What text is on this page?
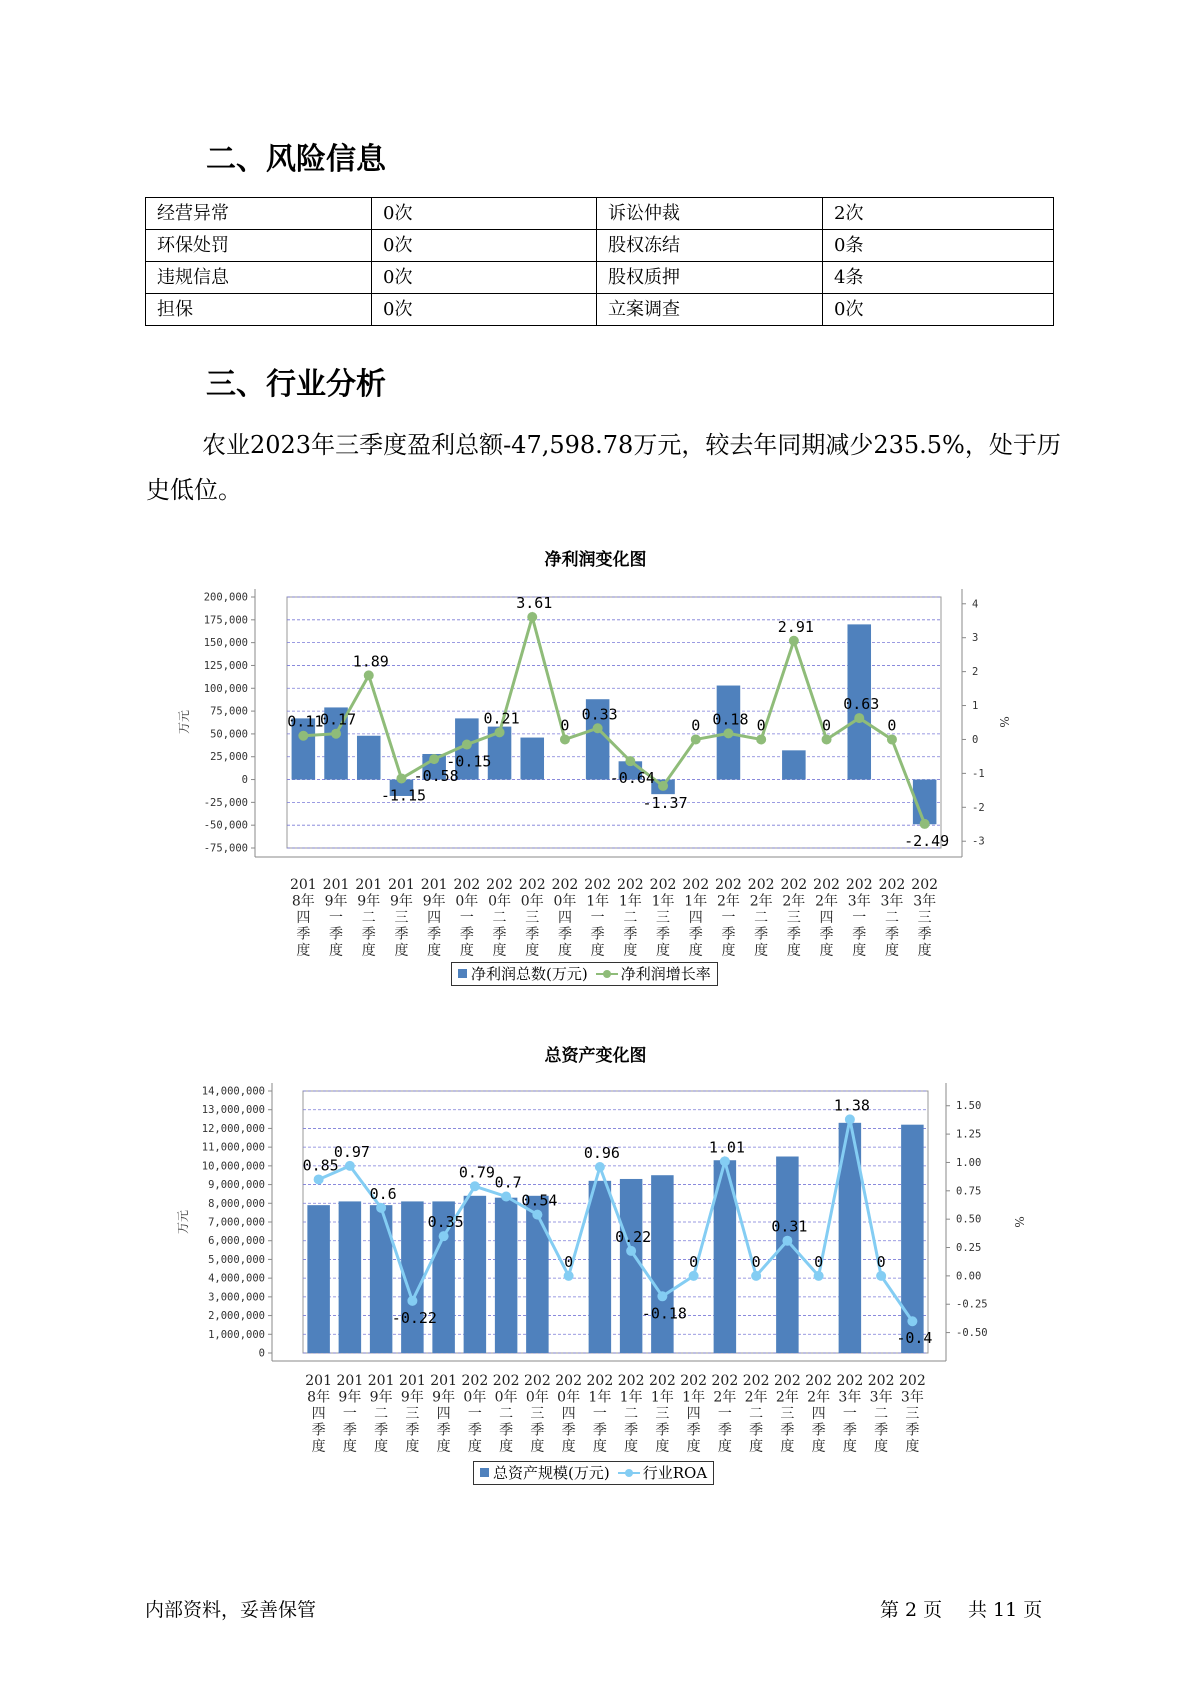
二、风险信息
经营异常	0次	诉讼仲裁	2次
环保处罚	0次	股权冻结	0条
违规信息	0次	股权质押	4条
担保	0次	立案调查	0次
三、行业分析

农业2023年三季度盈利总额-47,598.78万元，较去年同期减少235.5%，处于历史低位。

净利润变化图
200,000
175,000
150,000
125,000
100,000
75,000
50,000
25,000
0
-25,000
-50,000
-75,000
4
3
2
1
0
-1
-2
-3
万元	%
201
8年
四
季
度
201
9年
一
季
度
201
9年
二
季
度
201
9年
三
季
度
201
9年
四
季
度
202
0年
一
季
度
202
0年
二
季
度
202
0年
三
季
度
202
0年
四
季
度
202
1年
一
季
度
202
1年
二
季
度
202
1年
三
季
度
202
1年
四
季
度
202
2年
一
季
度
202
2年
二
季
度
202
2年
三
季
度
202
2年
四
季
度
202
3年
一
季
度
202
3年
二
季
度
202
3年
三
季
度
0.11
0.17
1.89
-1.15
-0.58
-0.15
0.21
3.61
0
0.33
-0.64
-1.37
0 0.18 0
2.91
0
0.63
0
-2.49
净利润总数(万元) 净利润增长率
总资产变化图
14,000,000
13,000,000
12,000,000
11,000,000
10,000,000
9,000,000
8,000,000
7,000,000
6,000,000
5,000,000
4,000,000
3,000,000
2,000,000
1,000,000
0
1.50
1.25
1.00
0.75
0.50
0.25
0.00
-0.25
-0.50
万元	%
201
8年
四
季
度
201
9年
一
季
度
201
9年
二
季
度
201
9年
三
季
度
201
9年
四
季
度
202
0年
一
季
度
202
0年
二
季
度
202
0年
三
季
度
202
0年
四
季
度
202
1年
一
季
度
202
1年
二
季
度
202
1年
三
季
度
202
1年
四
季
度
202
2年
一
季
度
202
2年
二
季
度
202
2年
三
季
度
202
2年
四
季
度
202
3年
一
季
度
202
3年
二
季
度
202
3年
三
季
度
0.85
0.97
0.6
-0.22
0.35
0.79
0.7
0.54
0
0.96
0.22
-0.18
0
1.01
0
0.31
0
1.38
0
-0.4
总资产规模(万元) 行业ROA
内部资料，妥善保管	第 2 页 共 11 页
